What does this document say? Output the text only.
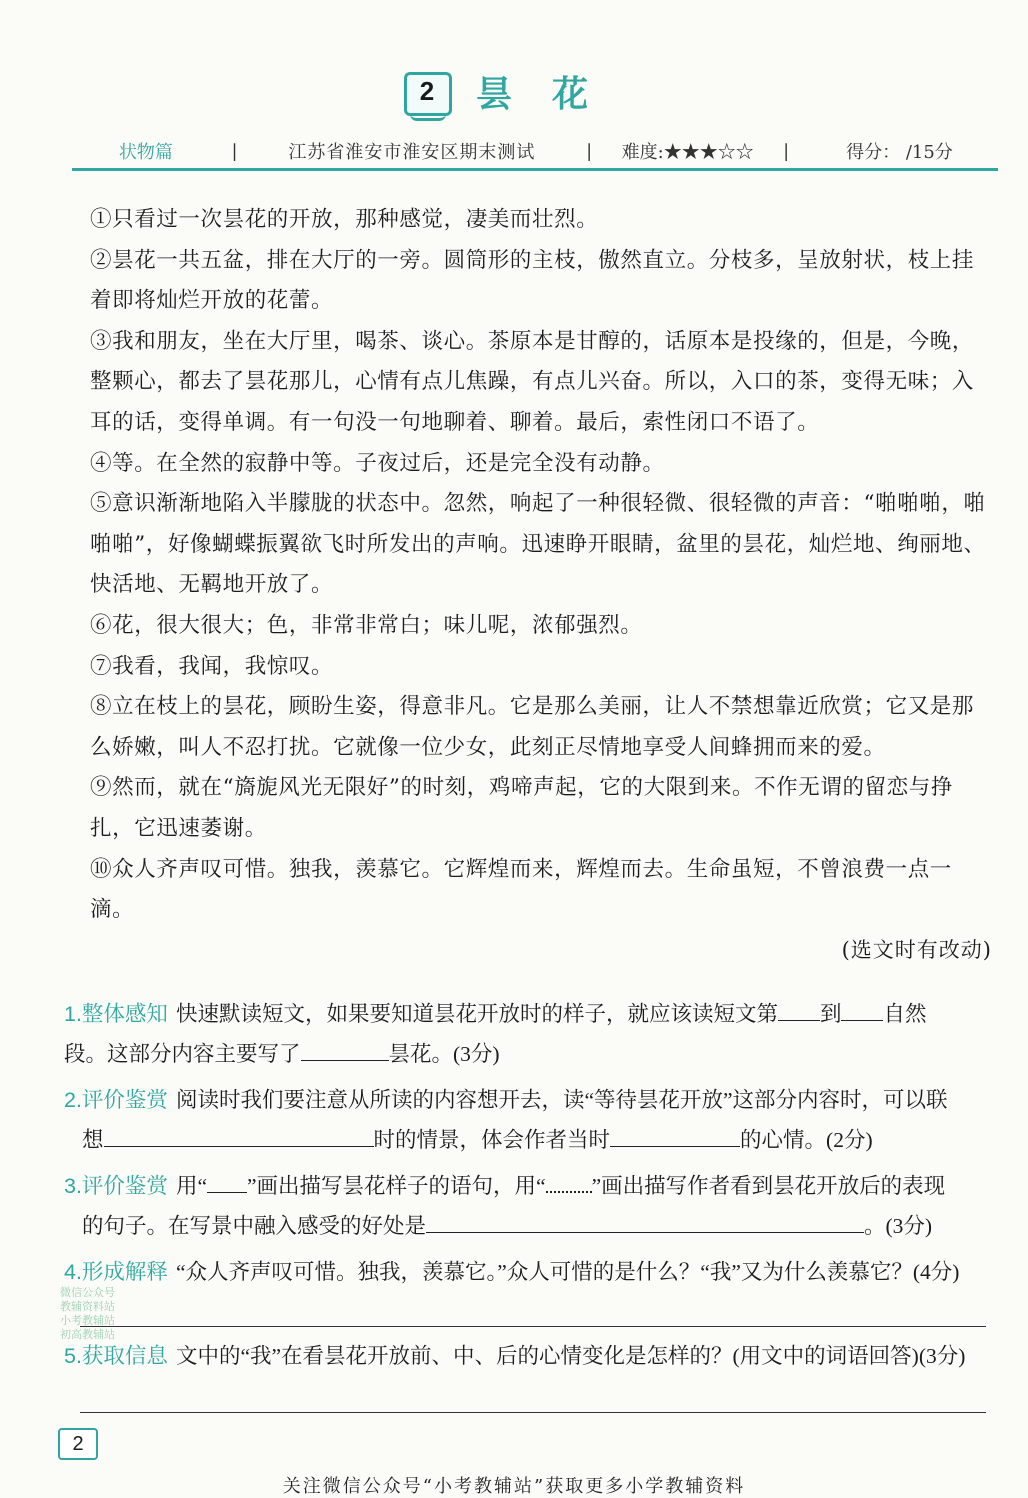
2 昙花
状物篇	|	江苏省淮安市淮安区期末测试	|	难度:★★★☆☆	|	得分： /15分

①只看过一次昙花的开放，那种感觉，凄美而壮烈。

②昙花一共五盆，排在大厅的一旁。圆筒形的主枝，傲然直立。分枝多，呈放射状，枝上挂着即将灿烂开放的花蕾。

③我和朋友，坐在大厅里，喝茶、谈心。茶原本是甘醇的，话原本是投缘的，但是，今晚，整颗心，都去了昙花那儿，心情有点儿焦躁，有点儿兴奋。所以，入口的茶，变得无味；入耳的话，变得单调。有一句没一句地聊着、聊着。最后，索性闭口不语了。

④等。在全然的寂静中等。子夜过后，还是完全没有动静。

⑤意识渐渐地陷入半朦胧的状态中。忽然，响起了一种很轻微、很轻微的声音：“啪啪啪，啪啪啪”，好像蝴蝶振翼欲飞时所发出的声响。迅速睁开眼睛，盆里的昙花，灿烂地、绚丽地、快活地、无羁地开放了。

⑥花，很大很大；色，非常非常白；味儿呢，浓郁强烈。

⑦我看，我闻，我惊叹。

⑧立在枝上的昙花，顾盼生姿，得意非凡。它是那么美丽，让人不禁想靠近欣赏；它又是那么娇嫩，叫人不忍打扰。它就像一位少女，此刻正尽情地享受人间蜂拥而来的爱。

⑨然而，就在“旖旎风光无限好”的时刻，鸡啼声起，它的大限到来。不作无谓的留恋与挣扎，它迅速萎谢。

⑩众人齐声叹可惜。独我，羡慕它。它辉煌而来，辉煌而去。生命虽短，不曾浪费一点一滴。

(选文时有改动)
1.整体感知 快速默读短文，如果要知道昙花开放时的样子，就应该读短文第 到 自然
段。这部分内容主要写了	昙花。(3分)
2.评价鉴赏 阅读时我们要注意从所读的内容想开去，读“等待昙花开放”这部分内容时，可以联
想	时的情景，体会作者当时	的心情。(2分)
3.评价鉴赏 用“ ”画出描写昙花样子的语句，用“ ”画出描写作者看到昙花开放后的表现
的句子。在写景中融入感受的好处是	。(3分)
4.形成解释 “众人齐声叹可惜。独我，羡慕它。”众人可惜的是什么？“我”又为什么羡慕它？(4分)
5.获取信息 文中的“我”在看昙花开放前、中、后的心情变化是怎样的？(用文中的词语回答)(3分)
微信公众号
教辅资料站
小考教辅站
初高教辅站
2
关注微信公众号“小考教辅站”获取更多小学教辅资料
